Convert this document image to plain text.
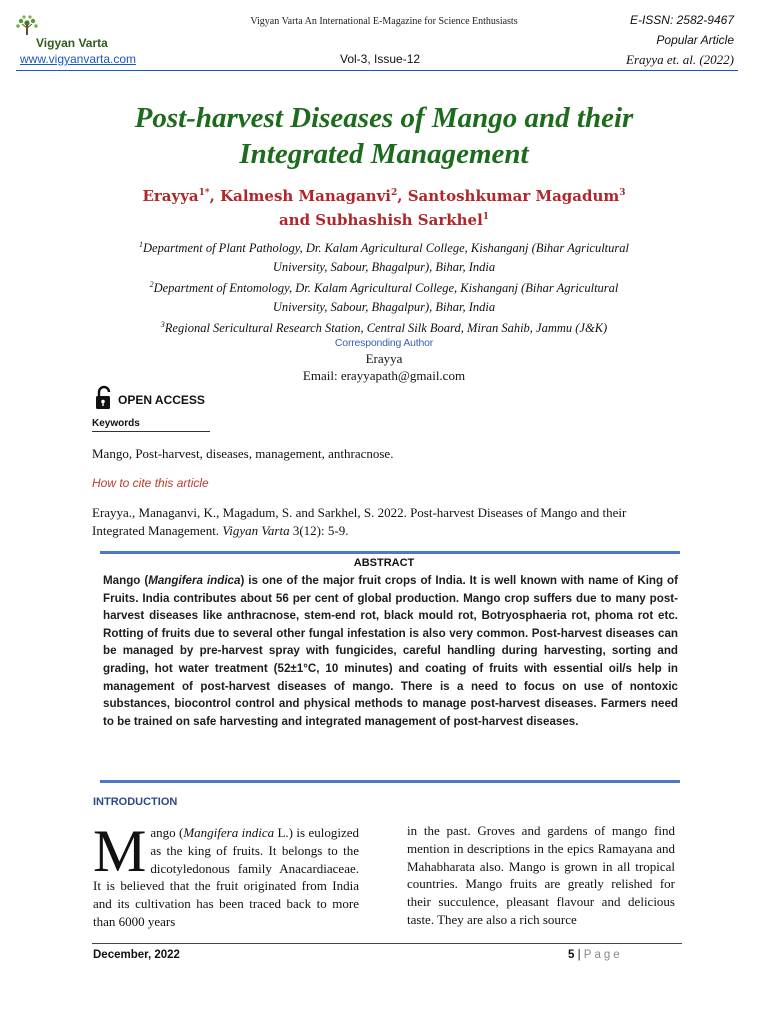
Vigyan Varta
Vigyan Varta An International E-Magazine for Science Enthusiasts	E-ISSN: 2582-9467
Popular Article
www.vigyanvarta.com	Vol-3, Issue-12	Erayya et. al. (2022)
Post-harvest Diseases of Mango and their
Integrated Management
Erayya$^{1*}$, Kalmesh Managanvi$^2$, Santoshkumar Magadum$^3$
and Subhashish Sarkhel$^1$
$^1$Department of Plant Pathology, Dr. Kalam Agricultural College, Kishanganj (Bihar Agricultural
University, Sabour, Bhagalpur), Bihar, India
$^2$Department of Entomology, Dr. Kalam Agricultural College, Kishanganj (Bihar Agricultural
University, Sabour, Bhagalpur), Bihar, India
$^3$Regional Sericultural Research Station, Central Silk Board, Miran Sahib, Jammu (J&K)
Corresponding Author
Erayya
Email: erayyapath@gmail.com
OPEN ACCESS
Keywords
Mango, Post-harvest, diseases, management, anthracnose.
How to cite this article
Erayya., Managanvi, K., Magadum, S. and Sarkhel, S. 2022. Post-harvest Diseases of Mango and their Integrated Management. Vigyan Varta 3(12): 5-9.
ABSTRACT
Mango (Mangifera indica) is one of the major fruit crops of India. It is well known with name of King of Fruits. India contributes about 56 per cent of global production. Mango crop suffers due to many post-harvest diseases like anthracnose, stem-end rot, black mould rot, Botryosphaeria rot, phoma rot etc. Rotting of fruits due to several other fungal infestation is also very common. Post-harvest diseases can be managed by pre-harvest spray with fungicides, careful handling during harvesting, sorting and grading, hot water treatment (52±1°C, 10 minutes) and coating of fruits with essential oil/s help in management of post-harvest diseases of mango. There is a need to focus on use of nontoxic substances, biocontrol control and physical methods to manage post-harvest diseases. Farmers need to be trained on safe harvesting and integrated management of post-harvest diseases.
INTRODUCTION
Mango (Mangifera indica L.) is eulogized as the king of fruits. It belongs to the dicotyledonous family Anacardiaceae. It is believed that the fruit originated from India and its cultivation has been traced back to more than 6000 years
in the past. Groves and gardens of mango find mention in descriptions in the epics Ramayana and Mahabharata also. Mango is grown in all tropical countries. Mango fruits are greatly relished for their succulence, pleasant flavour and delicious taste. They are also a rich source
December, 2022	5 | Page
